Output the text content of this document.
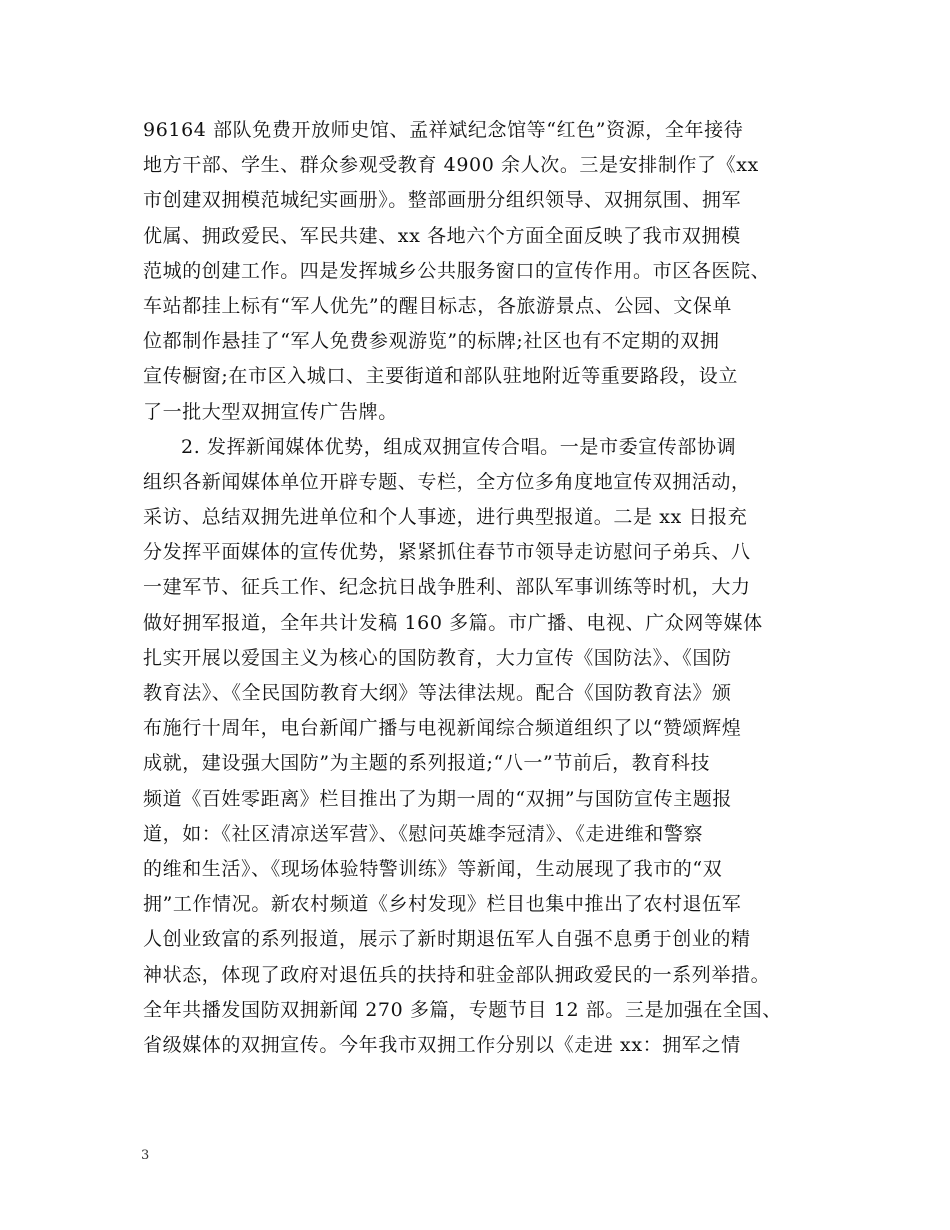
96164 部队免费开放师史馆、孟祥斌纪念馆等“红色”资源，全年接待
地方干部、学生、群众参观受教育 4900 余人次。三是安排制作了《xx
市创建双拥模范城纪实画册》。整部画册分组织领导、双拥氛围、拥军
优属、拥政爱民、军民共建、xx 各地六个方面全面反映了我市双拥模
范城的创建工作。四是发挥城乡公共服务窗口的宣传作用。市区各医院、
车站都挂上标有“军人优先”的醒目标志，各旅游景点、公园、文保单
位都制作悬挂了“军人免费参观游览”的标牌;社区也有不定期的双拥
宣传橱窗;在市区入城口、主要街道和部队驻地附近等重要路段，设立
了一批大型双拥宣传广告牌。
2. 发挥新闻媒体优势，组成双拥宣传合唱。一是市委宣传部协调
组织各新闻媒体单位开辟专题、专栏，全方位多角度地宣传双拥活动，
采访、总结双拥先进单位和个人事迹，进行典型报道。二是 xx 日报充
分发挥平面媒体的宣传优势，紧紧抓住春节市领导走访慰问子弟兵、八
一建军节、征兵工作、纪念抗日战争胜利、部队军事训练等时机，大力
做好拥军报道，全年共计发稿 160 多篇。市广播、电视、广众网等媒体
扎实开展以爱国主义为核心的国防教育，大力宣传《国防法》、《国防
教育法》、《全民国防教育大纲》等法律法规。配合《国防教育法》颁
布施行十周年，电台新闻广播与电视新闻综合频道组织了以“赞颂辉煌
成就，建设强大国防”为主题的系列报道;“八一”节前后，教育科技
频道《百姓零距离》栏目推出了为期一周的“双拥”与国防宣传主题报
道，如：《社区清凉送军营》、《慰问英雄李冠清》、《走进维和警察
的维和生活》、《现场体验特警训练》等新闻，生动展现了我市的“双
拥”工作情况。新农村频道《乡村发现》栏目也集中推出了农村退伍军
人创业致富的系列报道，展示了新时期退伍军人自强不息勇于创业的精
神状态，体现了政府对退伍兵的扶持和驻金部队拥政爱民的一系列举措。
全年共播发国防双拥新闻 270 多篇，专题节目 12 部。三是加强在全国、
省级媒体的双拥宣传。今年我市双拥工作分别以《走进 xx：拥军之情
3
